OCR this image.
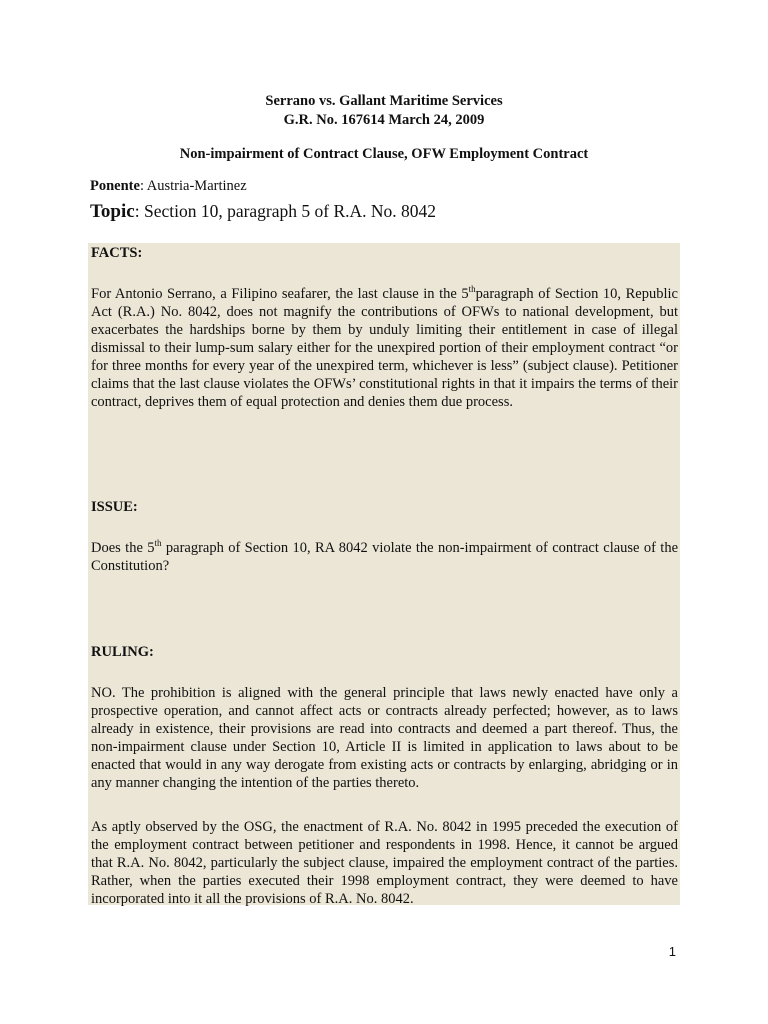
Serrano vs. Gallant Maritime Services
G.R. No. 167614 March 24, 2009
Non-impairment of Contract Clause, OFW Employment Contract
Ponente: Austria-Martinez
Topic: Section 10, paragraph 5 of R.A. No. 8042
FACTS:
For Antonio Serrano, a Filipino seafarer, the last clause in the 5thparagraph of Section 10, Republic Act (R.A.) No. 8042, does not magnify the contributions of OFWs to national development, but exacerbates the hardships borne by them by unduly limiting their entitlement in case of illegal dismissal to their lump-sum salary either for the unexpired portion of their employment contract “or for three months for every year of the unexpired term, whichever is less” (subject clause). Petitioner claims that the last clause violates the OFWs’ constitutional rights in that it impairs the terms of their contract, deprives them of equal protection and denies them due process.
ISSUE:
Does the 5th paragraph of Section 10, RA 8042 violate the non-impairment of contract clause of the Constitution?
RULING:
NO. The prohibition is aligned with the general principle that laws newly enacted have only a prospective operation, and cannot affect acts or contracts already perfected; however, as to laws already in existence, their provisions are read into contracts and deemed a part thereof. Thus, the non-impairment clause under Section 10, Article II is limited in application to laws about to be enacted that would in any way derogate from existing acts or contracts by enlarging, abridging or in any manner changing the intention of the parties thereto.
As aptly observed by the OSG, the enactment of R.A. No. 8042 in 1995 preceded the execution of the employment contract between petitioner and respondents in 1998. Hence, it cannot be argued that R.A. No. 8042, particularly the subject clause, impaired the employment contract of the parties. Rather, when the parties executed their 1998 employment contract, they were deemed to have incorporated into it all the provisions of R.A. No. 8042.
1
